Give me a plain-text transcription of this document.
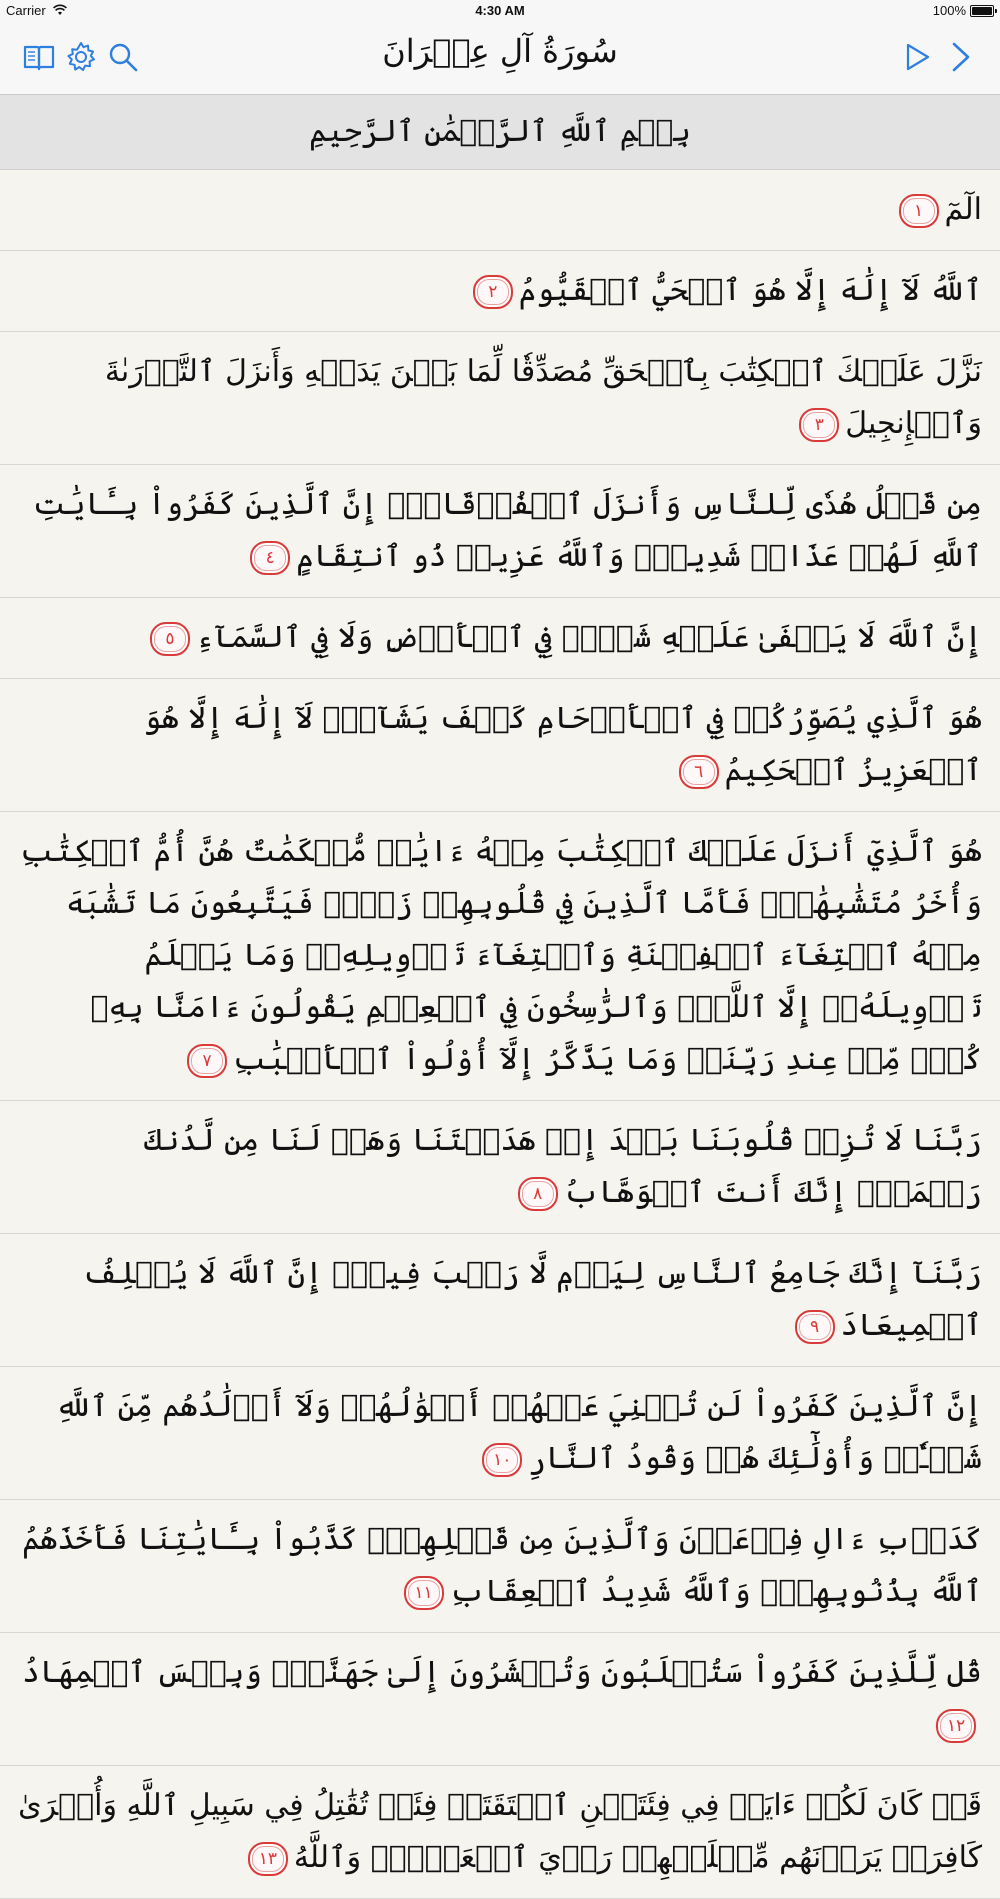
Carrier	4:30 AM	100%
سُورَةُ آلِ عِمۡرَانَ
بِسۡمِ ٱللَّهِ ٱلرَّحۡمَٰنِ ٱلرَّحِيمِ
الٓمٓ١
ٱللَّهُ لَآ إِلَٰهَ إِلَّا هُوَ ٱلۡحَيُّ ٱلۡقَيُّومُ٢
نَزَّلَ عَلَيۡكَ ٱلۡكِتَٰبَ بِٱلۡحَقِّ مُصَدِّقٗا لِّمَا بَيۡنَ يَدَيۡهِ وَأَنزَلَ ٱلتَّوۡرَىٰةَ وَٱلۡإِنجِيلَ٣
مِن قَبۡلُ هُدٗى لِّلنَّاسِ وَأَنزَلَ ٱلۡفُرۡقَانَۗ إِنَّ ٱلَّذِينَ كَفَرُواْ بِـَٔايَٰتِ ٱللَّهِ لَهُمۡ عَذَابٞ شَدِيدٞۗ وَٱللَّهُ عَزِيزٞ ذُو ٱنتِقَامٍ٤
إِنَّ ٱللَّهَ لَا يَخۡفَىٰ عَلَيۡهِ شَيۡءٞ فِي ٱلۡأَرۡضِ وَلَا فِي ٱلسَّمَآءِ٥
هُوَ ٱلَّذِي يُصَوِّرُكُمۡ فِي ٱلۡأَرۡحَامِ كَيۡفَ يَشَآءُۚ لَآ إِلَٰهَ إِلَّا هُوَ ٱلۡعَزِيزُ ٱلۡحَكِيمُ٦
هُوَ ٱلَّذِيٓ أَنزَلَ عَلَيۡكَ ٱلۡكِتَٰبَ مِنۡهُ ءَايَٰتٞ مُّحۡكَمَٰتٌ هُنَّ أُمُّ ٱلۡكِتَٰبِ وَأُخَرُ مُتَشَٰبِهَٰتٞۖ فَأَمَّا ٱلَّذِينَ فِي قُلُوبِهِمۡ زَيۡغٞ فَيَتَّبِعُونَ مَا تَشَٰبَهَ مِنۡهُ ٱبۡتِغَآءَ ٱلۡفِتۡنَةِ وَٱبۡتِغَآءَ تَأۡوِيلِهِۦۗ وَمَا يَعۡلَمُ تَأۡوِيلَهُۥٓ إِلَّا ٱللَّهُۗ وَٱلرَّٰسِخُونَ فِي ٱلۡعِلۡمِ يَقُولُونَ ءَامَنَّا بِهِۦ كُلّٞ مِّنۡ عِندِ رَبِّنَاۗ وَمَا يَذَّكَّرُ إِلَّآ أُوْلُواْ ٱلۡأَلۡبَٰبِ٧
رَبَّنَا لَا تُزِغۡ قُلُوبَنَا بَعۡدَ إِذۡ هَدَيۡتَنَا وَهَبۡ لَنَا مِن لَّدُنكَ رَحۡمَةًۚ إِنَّكَ أَنتَ ٱلۡوَهَّابُ٨
رَبَّنَآ إِنَّكَ جَامِعُ ٱلنَّاسِ لِيَوۡمٖ لَّا رَيۡبَ فِيهِۚ إِنَّ ٱللَّهَ لَا يُخۡلِفُ ٱلۡمِيعَادَ٩
إِنَّ ٱلَّذِينَ كَفَرُواْ لَن تُغۡنِيَ عَنۡهُمۡ أَمۡوَٰلُهُمۡ وَلَآ أَوۡلَٰدُهُم مِّنَ ٱللَّهِ شَيۡـٔٗاۖ وَأُوْلَٰٓئِكَ هُمۡ وَقُودُ ٱلنَّارِ١٠
كَدَأۡبِ ءَالِ فِرۡعَوۡنَ وَٱلَّذِينَ مِن قَبۡلِهِمۡۚ كَذَّبُواْ بِـَٔايَٰتِنَا فَأَخَذَهُمُ ٱللَّهُ بِذُنُوبِهِمۡۗ وَٱللَّهُ شَدِيدُ ٱلۡعِقَابِ١١
قُل لِّلَّذِينَ كَفَرُواْ سَتُغۡلَبُونَ وَتُحۡشَرُونَ إِلَىٰ جَهَنَّمَۖ وَبِئۡسَ ٱلۡمِهَادُ١٢
قَدۡ كَانَ لَكُمۡ ءَايَةٞ فِي فِئَتَيۡنِ ٱلۡتَقَتَاۖ فِئَةٞ تُقَٰتِلُ فِي سَبِيلِ ٱللَّهِ وَأُخۡرَىٰ كَافِرَةٞ يَرَوۡنَهُم مِّثۡلَيۡهِمۡ رَأۡيَ ٱلۡعَيۡنِۚ وَٱللَّهُ١٣
